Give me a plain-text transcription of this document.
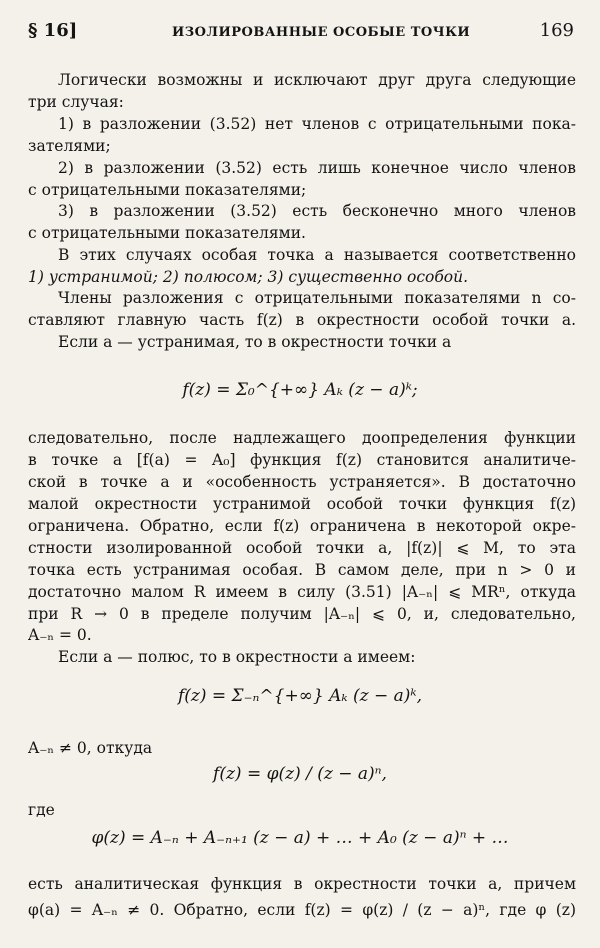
§ 16]	ИЗОЛИРОВАННЫЕ ОСОБЫЕ ТОЧКИ	169
Логически возможны и исключают друг друга следующие
три случая:
1) в разложении (3.52) нет членов с отрицательными пока-
зателями;
2) в разложении (3.52) есть лишь конечное число членов
с отрицательными показателями;
3) в разложении (3.52) есть бесконечно много членов
с отрицательными показателями.
В этих случаях особая точка a называется соответственно
1) устранимой; 2) полюсом; 3) существенно особой.
Члены разложения с отрицательными показателями n со-
ставляют главную часть f(z) в окрестности особой точки a.
Если a — устранимая, то в окрестности точки a
f(z) = Σ₀^{+∞} Aₖ (z − a)ᵏ;
следовательно, после надлежащего доопределения функции
в точке a [f(a) = A₀] функция f(z) становится аналитиче-
ской в точке a и «особенность устраняется». В достаточно
малой окрестности устранимой особой точки функция f(z)
ограничена. Обратно, если f(z) ограничена в некоторой окре-
стности изолированной особой точки a, |f(z)| ⩽ M, то эта
точка есть устранимая особая. В самом деле, при n > 0 и
достаточно малом R имеем в силу (3.51) |A₋ₙ| ⩽ MRⁿ, откуда
при R → 0 в пределе получим |A₋ₙ| ⩽ 0, и, следовательно,
A₋ₙ = 0.
Если a — полюс, то в окрестности a имеем:
f(z) = Σ₋ₙ^{+∞} Aₖ (z − a)ᵏ,
A₋ₙ ≠ 0, откуда
f(z) = φ(z) / (z − a)ⁿ,
где
φ(z) = A₋ₙ + A₋ₙ₊₁ (z − a) + … + A₀ (z − a)ⁿ + …
есть аналитическая функция в окрестности точки a, причем
φ(a) = A₋ₙ ≠ 0. Обратно, если f(z) = φ(z) / (z − a)ⁿ, где φ (z)
